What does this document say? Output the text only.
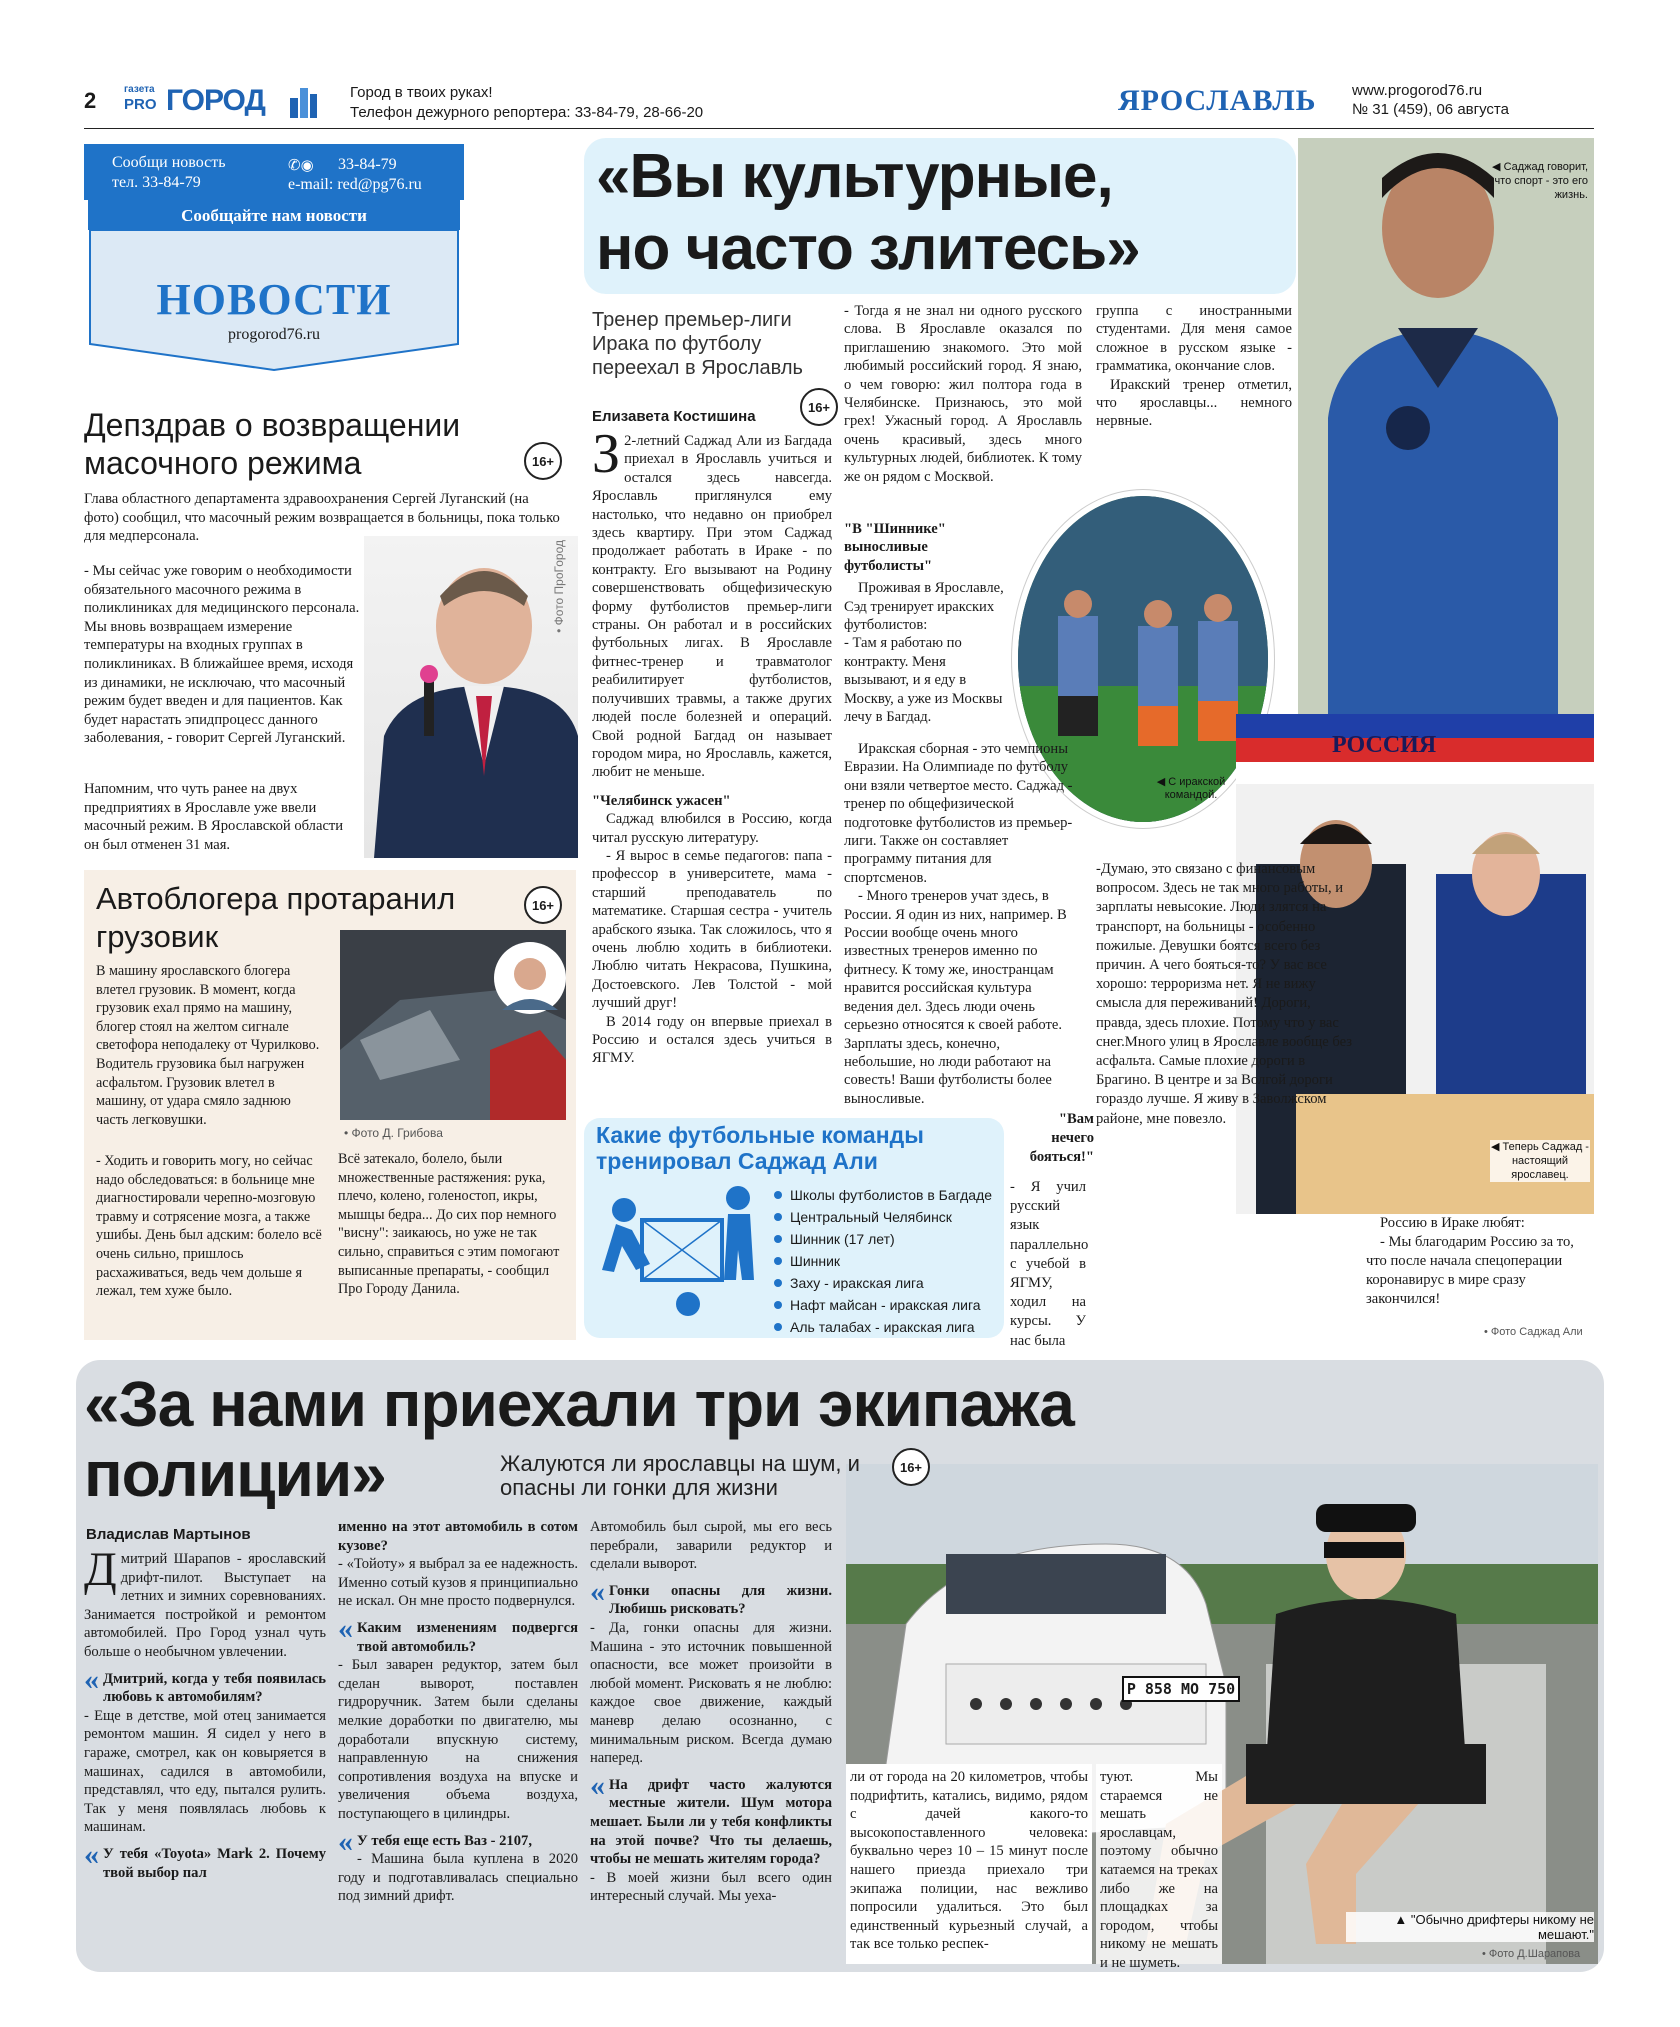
2	газета
PRO ГОРОД	Город в твоих руках!
Телефон дежурного репортера: 33-84-79, 28-66-20	ЯРОСЛАВЛЬ www.progorod76.ru
№ 31 (459), 06 августа
Сообщи новость
тел. 33-84-79
✆◉ 33-84-79
e-mail: red@pg76.ru
Сообщайте нам новости
НОВОСТИ
progorod76.ru
Депздрав о возвращении масочного режима	16+
Глава областного департамента здравоохранения Сергей Луганский (на фото) сообщил, что масочный режим возвращается в больницы, пока только для медперсонала.
- Мы сейчас уже говорим о необходимости обязательного масочного режима в поликлиниках для медицинского персонала. Мы вновь возвращаем измерение температуры на входных группах в поликлиниках. В ближайшее время, исходя из динамики, не исключаю, что масочный режим будет введен и для пациентов. Как будет нарастать эпидпроцесс данного заболевания, - говорит Сергей Луганский.
Напомним, что чуть ранее на двух предприятиях в Ярославле уже ввели масочный режим. В Ярославской области он был отменен 31 мая.
• Фото ПроГород
Автоблогера протаранил грузовик
16+
В машину ярославского блогера влетел грузовик. В момент, когда грузовик ехал прямо на машину, блогер стоял на желтом сигнале светофора неподалеку от Чурилково. Водитель грузовика был нагружен асфальтом. Грузовик влетел в машину, от удара смяло заднюю часть легковушки.
- Ходить и говорить могу, но сейчас надо обследоваться: в больнице мне диагностировали черепно-мозговую травму и сотрясение мозга, а также ушибы. День был адским: болело всё очень сильно, пришлось расхаживаться, ведь чем дольше я лежал, тем хуже было.
• Фото Д. Грибова
Всё затекало, болело, были множественные растяжения: рука, плечо, колено, голеностоп, икры, мышцы бедра... До сих пор немного "висну": заикаюсь, но уже не так сильно, справиться с этим помогают выписанные препараты, - сообщил Про Городу Данила.
«Вы культурные,
но часто злитесь»
Тренер премьер-лиги Ирака по футболу переехал в Ярославль
16+
Елизавета Костишина

З 2-летний Саджад Али из Багдада приехал в Ярославль учиться и остался здесь навсегда. Ярославль приглянулся ему настолько, что недавно он приобрел здесь квартиру. При этом Саджад продолжает работать в Ираке - по контракту. Его вызывают на Родину совершенствовать общефизическую форму футболистов премьер-лиги страны. Он работал и в российских футбольных лигах. В Ярославле фитнес-тренер и травматолог реабилитирует футболистов, получивших травмы, а также других людей после болезней и операций. Свой родной Багдад он называет городом мира, но Ярославль, кажется, любит не меньше.

"Челябинск ужасен"

Саджад влюбился в Россию, когда читал русскую литературу.

- Я вырос в семье педагогов: папа - профессор в университете, мама - старший преподаватель по математике. Старшая сестра - учитель арабского языка. Так сложилось, что я очень люблю ходить в библиотеки. Люблю читать Некрасова, Пушкина, Достоевского. Лев Толстой - мой лучший друг!

В 2014 году он впервые приехал в Россию и остался здесь учиться в ЯГМУ.

- Тогда я не знал ни одного русского слова. В Ярославле оказался по приглашению знакомого. Это мой любимый российский город. Я знаю, о чем говорю: жил полтора года в Челябинске. Признаюсь, это мой грех! Ужасный город. А Ярославль очень красивый, здесь много культурных людей, библиотек. К тому же он рядом с Москвой.

"В "Шиннике" выносливые футболисты"

Проживая в Ярославле, Сэд тренирует иракских футболистов:

- Там я работаю по контракту. Меня вызывают, и я еду в Москву, а уже из Москвы лечу в Багдад.

Иракская сборная - это чемпионы Евразии. На Олимпиаде по футболу они взяли четвертое место. Саджад - тренер по общефизической подготовке футболистов из премьер-лиги. Также он составляет программу питания для спортсменов.

- Много тренеров учат здесь, в России. Я один из них, например. В России вообще очень много известных тренеров именно по фитнесу. К тому же, иностранцам нравится российская культура ведения дел. Здесь люди очень серьезно относятся к своей работе. Зарплаты здесь, конечно, небольшие, но люди работают на совесть! Ваши футболисты более выносливые.

◀ С иракской командой.

группа с иностранными студентами. Для меня самое сложное в русском языке - грамматика, окончание слов.

Иракский тренер отметил, что ярославцы... немного нервные.

◀ Саджад говорит, что спорт - это его жизнь.
РОССИЯ
◀ Теперь Саджад - настоящий ярославец.
-Думаю, это связано с финансовым вопросом. Здесь не так много работы, и зарплаты невысокие. Люди злятся на транспорт, на больницы - особенно пожилые. Девушки боятся всего без причин. А чего бояться-то? У вас все хорошо: терроризма нет. Я не вижу смысла для переживаний! Дороги, правда, здесь плохие. Потому что у вас снег.Много улиц в Ярославле вообще без асфальта. Самые плохие дороги в Брагино. В центре и за Волгой дороги гораздо лучше. Я живу в Заволжском районе, мне повезло.

Россию в Ираке любят:

- Мы благодарим Россию за то, что после начала спецоперации коронавирус в мире сразу закончился!

• Фото Саджад Али
"Вам нечего бояться!"
- Я учил русский язык параллельно с учебой в ЯГМУ, ходил на курсы. У нас была
Какие футбольные команды тренировал Саджад Али
Школы футболистов в Багдаде
Центральный Челябинск
Шинник (17 лет)
Шинник
Заху - иракская лига
Нафт майсан - иракская лига
Аль талабах - иракская лига
Р 858 МО 750
«За нами приехали три экипажа
полиции»	Жалуются ли ярославцы на шум, и опасны ли гонки для жизни
16+
Владислав Мартынов

Дмитрий Шарапов - ярославский дрифт-пилот. Выступает на летних и зимних соревнованиях. Занимается постройкой и ремонтом автомобилей. Про Город узнал чуть больше о необычном увлечении.

« Дмитрий, когда у тебя появилась любовь к автомобилям?

- Еще в детстве, мой отец занимается ремонтом машин. Я сидел у него в гараже, смотрел, как он ковыряется в машинах, садился в автомобили, представлял, что еду, пытался рулить. Так у меня появлялась любовь к машинам.

« У тебя «Toyota» Mark 2. Почему твой выбор пал

именно на этот автомобиль в сотом кузове?

- «Тойоту» я выбрал за ее надежность. Именно сотый кузов я принципиально не искал. Он мне просто подвернулся.

« Каким изменениям подвергся твой автомобиль?

- Был заварен редуктор, затем был сделан выворот, поставлен гидроручник. Затем были сделаны мелкие доработки по двигателю, мы доработали впускную систему, направленную на снижения сопротивления воздуха на впуске и увеличения объема воздуха, поступающего в цилиндры.

« У тебя еще есть Ваз - 2107,

- Машина была куплена в 2020 году и подготавливалась специально под зимний дрифт.

Автомобиль был сырой, мы его весь перебрали, заварили редуктор и сделали выворот.

« Гонки опасны для жизни. Любишь рисковать?

- Да, гонки опасны для жизни. Машина - это источник повышенной опасности, все может произойти в любой момент. Рисковать я не люблю: каждое свое движение, каждый маневр делаю осознанно, с минимальным риском. Всегда думаю наперед.

« На дрифт часто жалуются местные жители. Шум мотора мешает. Были ли у тебя конфликты на этой почве? Что ты делаешь, чтобы не мешать жителям города?

- В моей жизни был всего один интересный случай. Мы уеха-

ли от города на 20 километров, чтобы подрифтить, катались, видимо, рядом с дачей какого-то высокопоставленного человека: буквально через 10 – 15 минут после нашего приезда приехало три экипажа полиции, нас вежливо попросили удалиться. Это был единственный курьезный случай, а так все только респек-
туют. Мы стараемся не мешать ярославцам, поэтому обычно катаемся на треках либо же на площадках за городом, чтобы никому не мешать и не шуметь.
▲ "Обычно дрифтеры никому не мешают."
• Фото Д.Шарапова
